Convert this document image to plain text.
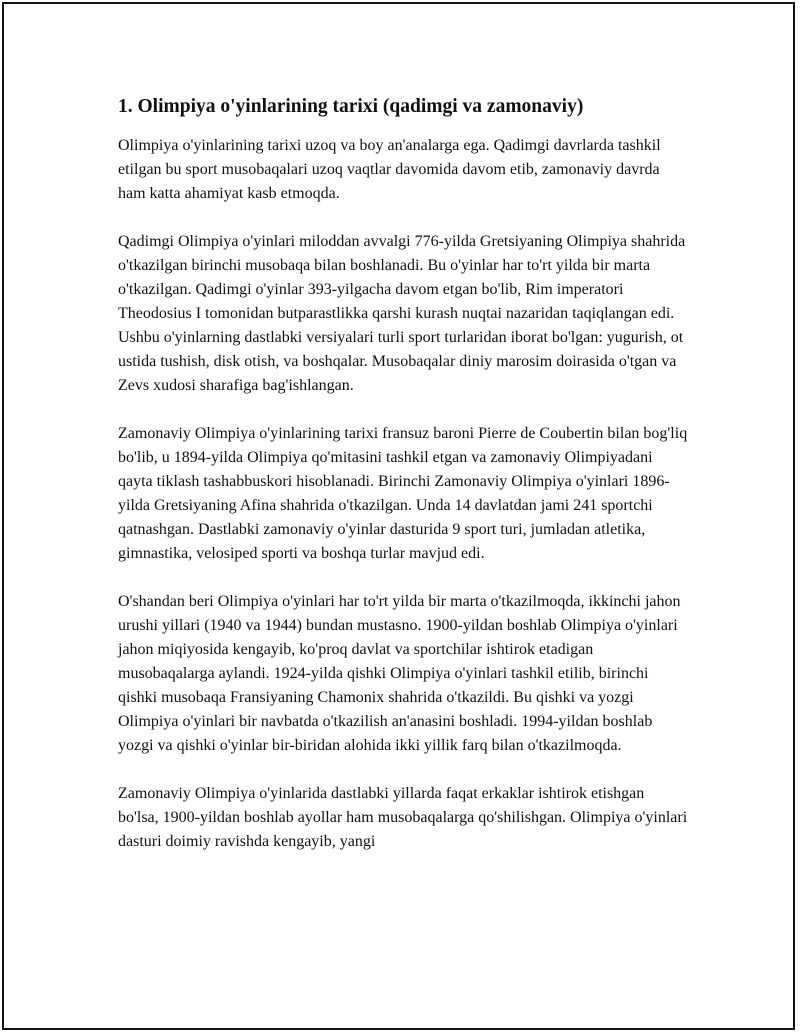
1. Olimpiya o'yinlarining tarixi (qadimgi va zamonaviy)

Olimpiya o'yinlarining tarixi uzoq va boy an'analarga ega. Qadimgi davrlarda tashkil etilgan bu sport musobaqalari uzoq vaqtlar davomida davom etib, zamonaviy davrda ham katta ahamiyat kasb etmoqda.

Qadimgi Olimpiya o'yinlari miloddan avvalgi 776-yilda Gretsiyaning Olimpiya shahrida o'tkazilgan birinchi musobaqa bilan boshlanadi. Bu o'yinlar har to'rt yilda bir marta o'tkazilgan. Qadimgi o'yinlar 393-yilgacha davom etgan bo'lib, Rim imperatori Theodosius I tomonidan butparastlikka qarshi kurash nuqtai nazaridan taqiqlangan edi. Ushbu o'yinlarning dastlabki versiyalari turli sport turlaridan iborat bo'lgan: yugurish, ot ustida tushish, disk otish, va boshqalar. Musobaqalar diniy marosim doirasida o'tgan va Zevs xudosi sharafiga bag'ishlangan.

Zamonaviy Olimpiya o'yinlarining tarixi fransuz baroni Pierre de Coubertin bilan bog'liq bo'lib, u 1894-yilda Olimpiya qo'mitasini tashkil etgan va zamonaviy Olimpiyadani qayta tiklash tashabbuskori hisoblanadi. Birinchi Zamonaviy Olimpiya o'yinlari 1896-yilda Gretsiyaning Afina shahrida o'tkazilgan. Unda 14 davlatdan jami 241 sportchi qatnashgan. Dastlabki zamonaviy o'yinlar dasturida 9 sport turi, jumladan atletika, gimnastika, velosiped sporti va boshqa turlar mavjud edi.

O'shandan beri Olimpiya o'yinlari har to'rt yilda bir marta o'tkazilmoqda, ikkinchi jahon urushi yillari (1940 va 1944) bundan mustasno. 1900-yildan boshlab Olimpiya o'yinlari jahon miqiyosida kengayib, ko'proq davlat va sportchilar ishtirok etadigan musobaqalarga aylandi. 1924-yilda qishki Olimpiya o'yinlari tashkil etilib, birinchi qishki musobaqa Fransiyaning Chamonix shahrida o'tkazildi. Bu qishki va yozgi Olimpiya o'yinlari bir navbatda o'tkazilish an'anasini boshladi. 1994-yildan boshlab yozgi va qishki o'yinlar bir-biridan alohida ikki yillik farq bilan o'tkazilmoqda.

Zamonaviy Olimpiya o'yinlarida dastlabki yillarda faqat erkaklar ishtirok etishgan bo'lsa, 1900-yildan boshlab ayollar ham musobaqalarga qo'shilishgan. Olimpiya o'yinlari dasturi doimiy ravishda kengayib, yangi
